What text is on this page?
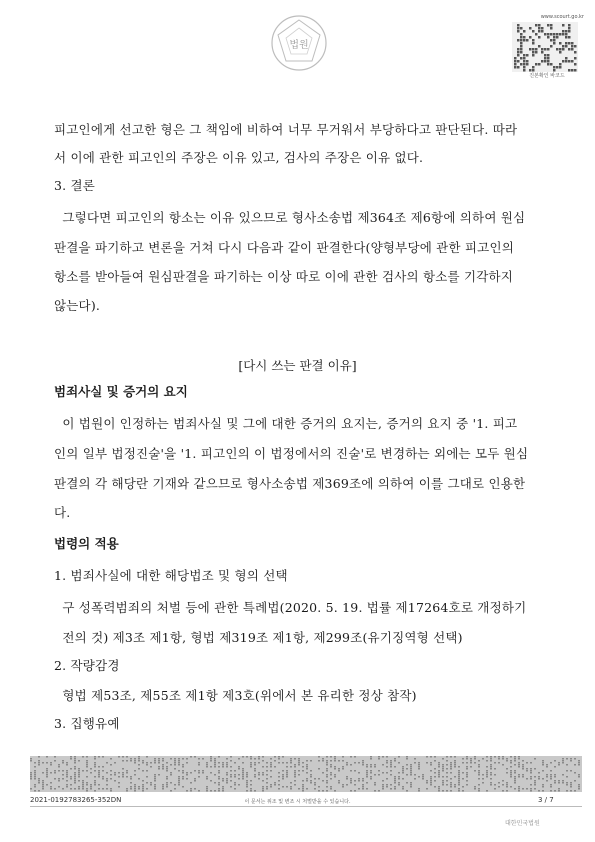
법원
www.scourt.go.kr
진본확인 바코드
피고인에게 선고한 형은 그 책임에 비하여 너무 무거워서 부당하다고 판단된다. 따라
서 이에 관한 피고인의 주장은 이유 있고, 검사의 주장은 이유 없다.
3. 결론
그렇다면 피고인의 항소는 이유 있으므로 형사소송법 제364조 제6항에 의하여 원심
판결을 파기하고 변론을 거쳐 다시 다음과 같이 판결한다(양형부당에 관한 피고인의
항소를 받아들여 원심판결을 파기하는 이상 따로 이에 관한 검사의 항소를 기각하지
않는다).
[다시 쓰는 판결 이유]
범죄사실 및 증거의 요지
이 법원이 인정하는 범죄사실 및 그에 대한 증거의 요지는, 증거의 요지 중 '1. 피고
인의 일부 법정진술'을 '1. 피고인의 이 법정에서의 진술'로 변경하는 외에는 모두 원심
판결의 각 해당란 기재와 같으므로 형사소송법 제369조에 의하여 이를 그대로 인용한
다.
법령의 적용
1. 범죄사실에 대한 해당법조 및 형의 선택
구 성폭력범죄의 처벌 등에 관한 특례법(2020. 5. 19. 법률 제17264호로 개정하기
전의 것) 제3조 제1항, 형법 제319조 제1항, 제299조(유기징역형 선택)
2. 작량감경
형법 제53조, 제55조 제1항 제3호(위에서 본 유리한 정상 참작)
3. 집행유예
2021-0192783265-352DN	이 문서는 위조 및 변조 시 처벌받을 수 있습니다.	3 / 7
대한민국법원
